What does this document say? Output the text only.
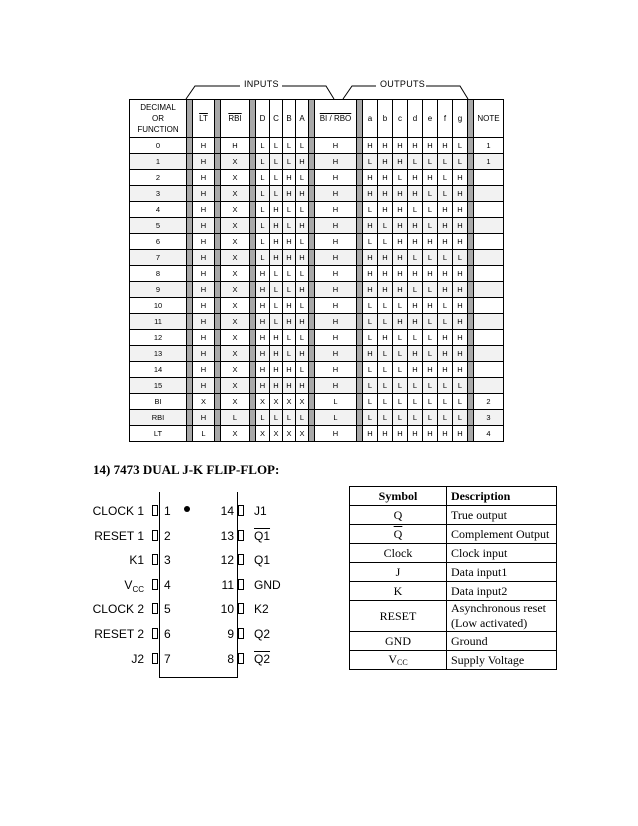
INPUTS	OUTPUTS
DECIMAL
OR
FUNCTION		$\overline{LT}$		$\overline{RBI}$		D	C	B	A		BI / RBO		a	b	c	d	e	f	g		NOTE
0		H		H		L	L	L	L		H		H	H	H	H	H	H	L		1
1		H		X		L	L	L	H		H		L	H	H	L	L	L	L		1
2		H		X		L	L	H	L		H		H	H	L	H	H	L	H		
3		H		X		L	L	H	H		H		H	H	H	H	L	L	H		
4		H		X		L	H	L	L		H		L	H	H	L	L	H	H		
5		H		X		L	H	L	H		H		H	L	H	H	L	H	H		
6		H		X		L	H	H	L		H		L	L	H	H	H	H	H		
7		H		X		L	H	H	H		H		H	H	H	L	L	L	L		
8		H		X		H	L	L	L		H		H	H	H	H	H	H	H		
9		H		X		H	L	L	H		H		H	H	H	L	L	H	H		
10		H		X		H	L	H	L		H		L	L	L	H	H	L	H		
11		H		X		H	L	H	H		H		L	L	H	H	L	L	H		
12		H		X		H	H	L	L		H		L	H	L	L	L	H	H		
13		H		X		H	H	L	H		H		H	L	L	H	L	H	H		
14		H		X		H	H	H	L		H		L	L	L	H	H	H	H		
15		H		X		H	H	H	H		H		L	L	L	L	L	L	L		
BI		X		X		X	X	X	X		L		L	L	L	L	L	L	L		2
RBI		H		L		L	L	L	L		L		L	L	L	L	L	L	L		3
LT		L		X		X	X	X	X		H		H	H	H	H	H	H	H		4
14) 7473 DUAL J-K FLIP-FLOP:
CLOCK 1 1
RESET 1 2
K1 3
$V_{CC}$ 4
CLOCK 2 5
RESET 2 6
J2 7
14 J1
13 Q1
12 Q1
11 GND
10 K2
9 Q2
8 Q2
Symbol	Description
Q	True output
$\overline{Q}$	Complement Output
Clock	Clock input
J	Data input1
K	Data input2
RESET	Asynchronous reset (Low activated)
GND	Ground
VCC	Supply Voltage
